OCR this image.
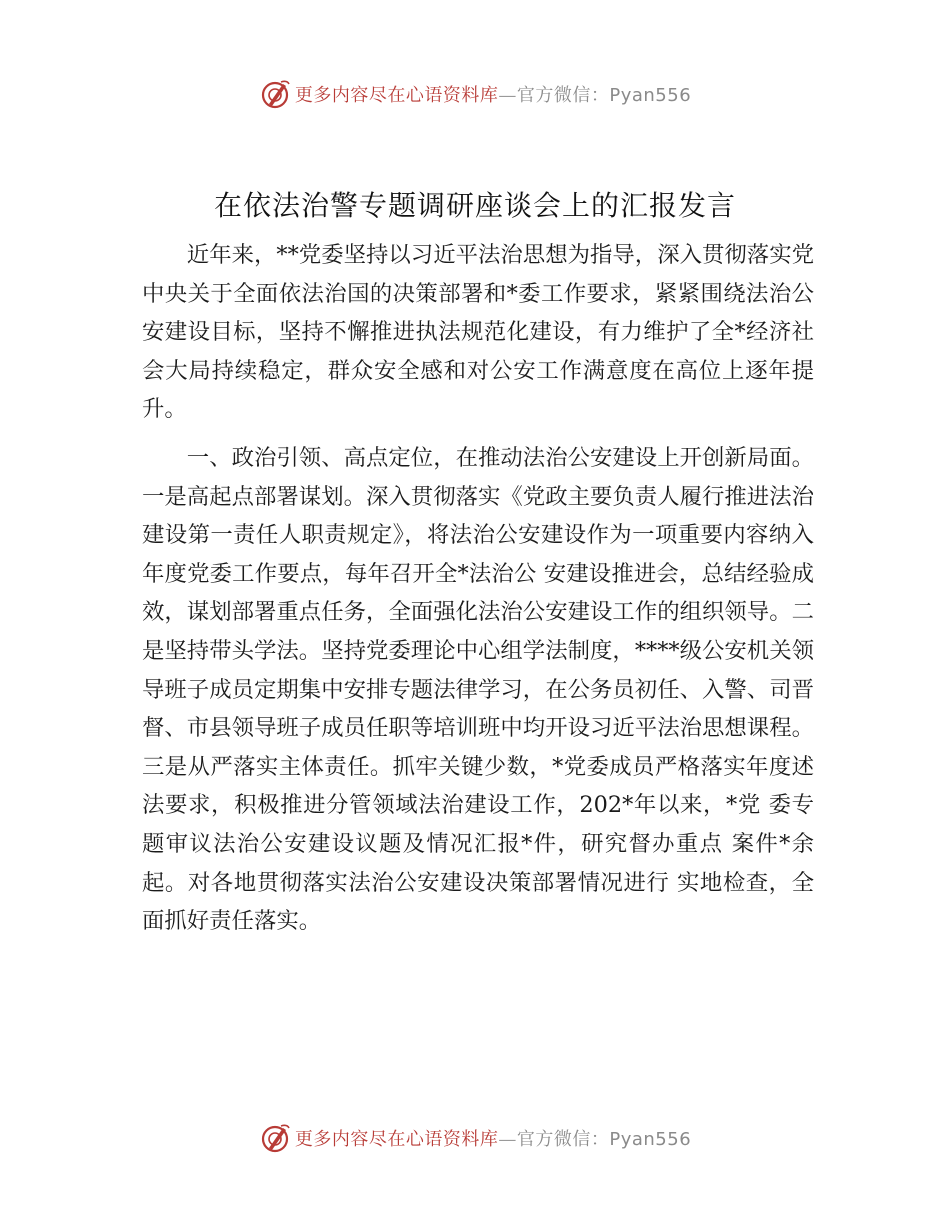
更多内容尽在心语资料库—官方微信：Pyan556
在依法治警专题调研座谈会上的汇报发言

近年来，**党委坚持以习近平法治思想为指导，深入贯彻落实党中央关于全面依法治国的决策部署和*委工作要求，紧紧围绕法治公安建设目标，坚持不懈推进执法规范化建设，有力维护了全*经济社会大局持续稳定，群众安全感和对公安工作满意度在高位上逐年提升。

一、政治引领、高点定位，在推动法治公安建设上开创新局面。一是高起点部署谋划。深入贯彻落实《党政主要负责人履行推进法治建设第一责任人职责规定》，将法治公安建设作为一项重要内容纳入年度党委工作要点，每年召开全*法治公 安建设推进会，总结经验成效，谋划部署重点任务，全面强化法治公安建设工作的组织领导。二是坚持带头学法。坚持党委理论中心组学法制度，****级公安机关领导班子成员定期集中安排专题法律学习，在公务员初任、入警、司晋督、市县领导班子成员任职等培训班中均开设习近平法治思想课程。三是从严落实主体责任。抓牢关键少数，*党委成员严格落实年度述 法要求，积极推进分管领域法治建设工作，202*年以来，*党 委专题审议法治公安建设议题及情况汇报*件，研究督办重点 案件*余起。对各地贯彻落实法治公安建设决策部署情况进行 实地检查，全面抓好责任落实。

更多内容尽在心语资料库—官方微信：Pyan556
